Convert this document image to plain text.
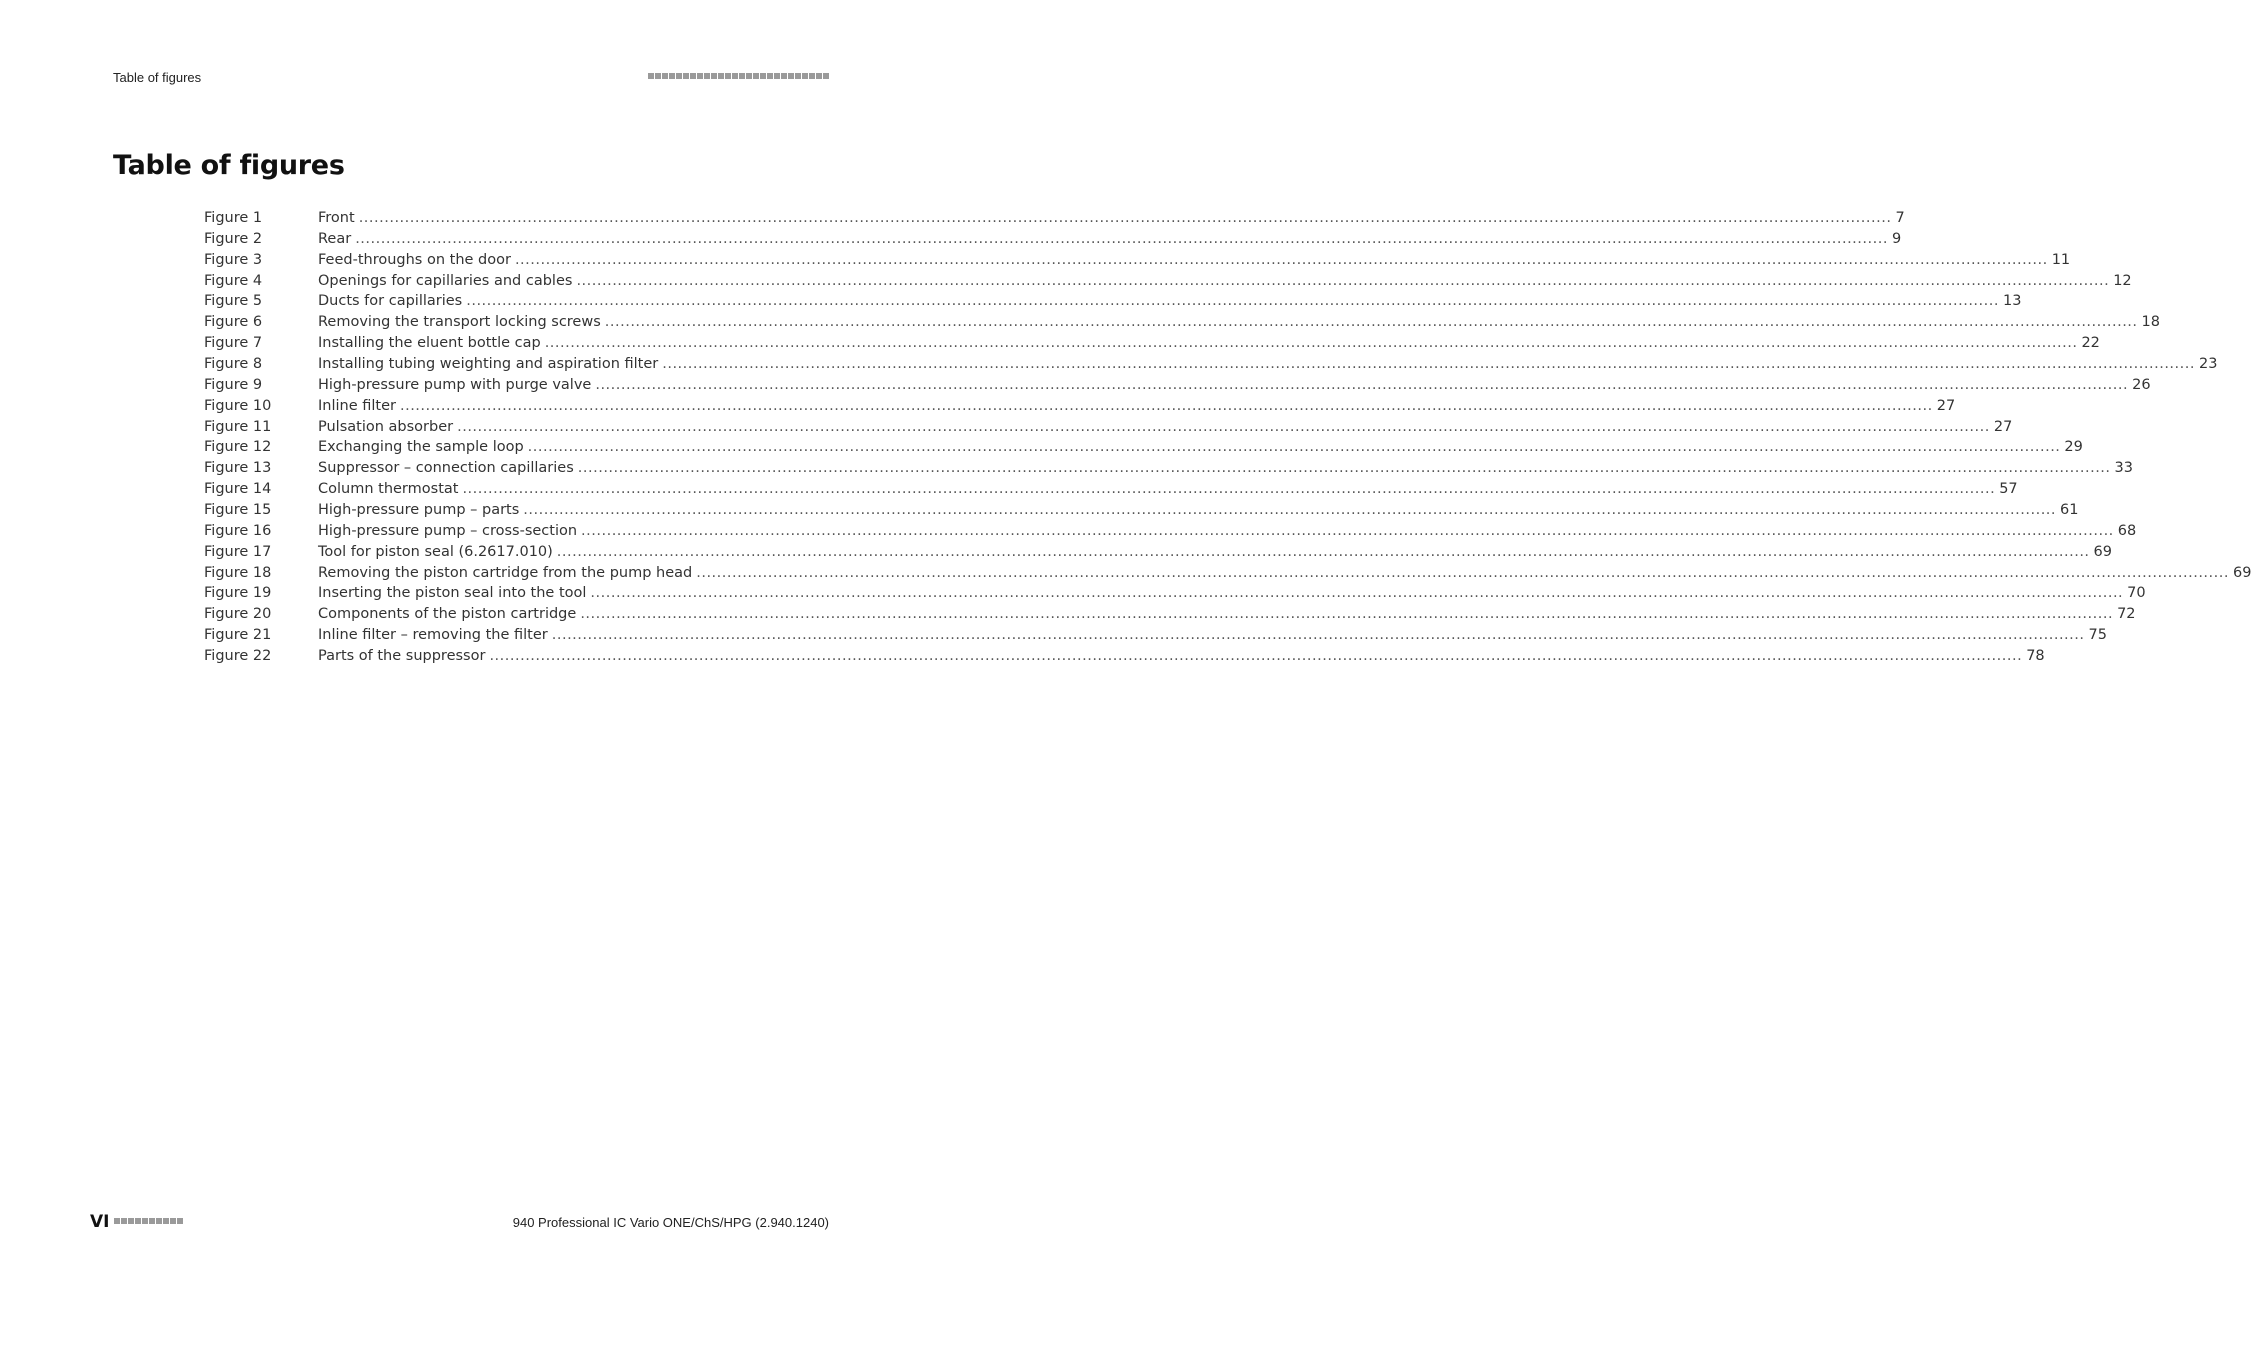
Table of figures
Table of figures
Figure 1	Front ............................................................................................................................................................................................................................................................................................................ 7
Figure 2	Rear ............................................................................................................................................................................................................................................................................................................ 9
Figure 3	Feed-throughs on the door ............................................................................................................................................................................................................................................................................................................ 11
Figure 4	Openings for capillaries and cables ............................................................................................................................................................................................................................................................................................................ 12
Figure 5	Ducts for capillaries ............................................................................................................................................................................................................................................................................................................ 13
Figure 6	Removing the transport locking screws ............................................................................................................................................................................................................................................................................................................ 18
Figure 7	Installing the eluent bottle cap ............................................................................................................................................................................................................................................................................................................ 22
Figure 8	Installing tubing weighting and aspiration filter ............................................................................................................................................................................................................................................................................................................ 23
Figure 9	High-pressure pump with purge valve ............................................................................................................................................................................................................................................................................................................ 26
Figure 10	Inline filter ............................................................................................................................................................................................................................................................................................................ 27
Figure 11	Pulsation absorber ............................................................................................................................................................................................................................................................................................................ 27
Figure 12	Exchanging the sample loop ............................................................................................................................................................................................................................................................................................................ 29
Figure 13	Suppressor – connection capillaries ............................................................................................................................................................................................................................................................................................................ 33
Figure 14	Column thermostat ............................................................................................................................................................................................................................................................................................................ 57
Figure 15	High-pressure pump – parts ............................................................................................................................................................................................................................................................................................................ 61
Figure 16	High-pressure pump – cross-section ............................................................................................................................................................................................................................................................................................................ 68
Figure 17	Tool for piston seal (6.2617.010) ............................................................................................................................................................................................................................................................................................................ 69
Figure 18	Removing the piston cartridge from the pump head ............................................................................................................................................................................................................................................................................................................ 69
Figure 19	Inserting the piston seal into the tool ............................................................................................................................................................................................................................................................................................................ 70
Figure 20	Components of the piston cartridge ............................................................................................................................................................................................................................................................................................................ 72
Figure 21	Inline filter – removing the filter ............................................................................................................................................................................................................................................................................................................ 75
Figure 22	Parts of the suppressor ............................................................................................................................................................................................................................................................................................................ 78
VI	940 Professional IC Vario ONE/ChS/HPG (2.940.1240)
